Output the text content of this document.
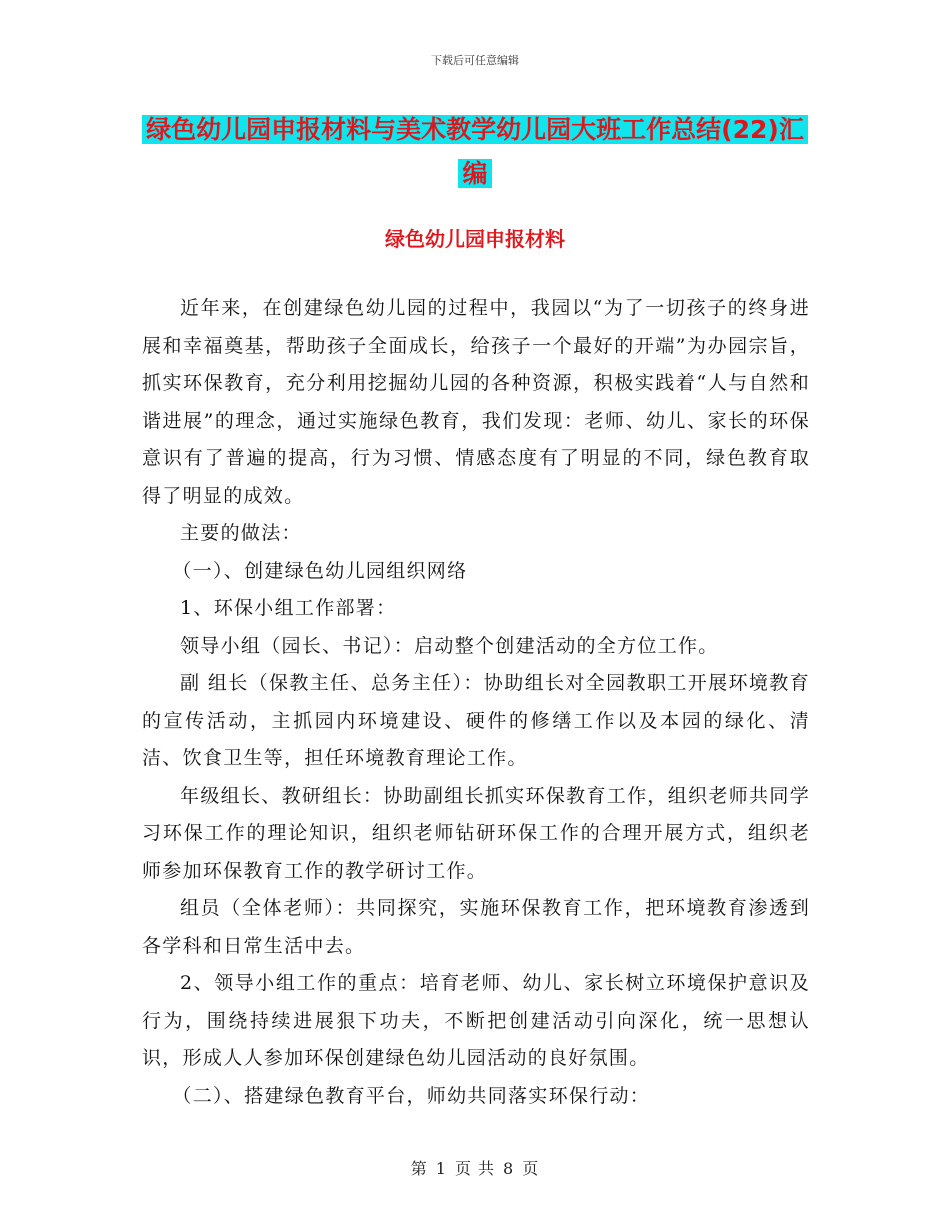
下载后可任意编辑
绿色幼儿园申报材料与美术教学幼儿园大班工作总结(22)汇编
绿色幼儿园申报材料

近年来，在创建绿色幼儿园的过程中，我园以“为了一切孩子的终身进展和幸福奠基，帮助孩子全面成长，给孩子一个最好的开端”为办园宗旨，抓实环保教育，充分利用挖掘幼儿园的各种资源，积极实践着“人与自然和谐进展”的理念，通过实施绿色教育，我们发现：老师、幼儿、家长的环保意识有了普遍的提高，行为习惯、情感态度有了明显的不同，绿色教育取得了明显的成效。

主要的做法：

（一）、创建绿色幼儿园组织网络

1、环保小组工作部署：

领导小组（园长、书记）：启动整个创建活动的全方位工作。

副 组长（保教主任、总务主任）：协助组长对全园教职工开展环境教育的宣传活动，主抓园内环境建设、硬件的修缮工作以及本园的绿化、清洁、饮食卫生等，担任环境教育理论工作。

年级组长、教研组长：协助副组长抓实环保教育工作，组织老师共同学习环保工作的理论知识，组织老师钻研环保工作的合理开展方式，组织老师参加环保教育工作的教学研讨工作。

组员（全体老师）：共同探究，实施环保教育工作，把环境教育渗透到各学科和日常生活中去。

2、领导小组工作的重点：培育老师、幼儿、家长树立环境保护意识及行为，围绕持续进展狠下功夫，不断把创建活动引向深化，统一思想认识，形成人人参加环保创建绿色幼儿园活动的良好氛围。

（二）、搭建绿色教育平台，师幼共同落实环保行动：

第 1 页 共 8 页
